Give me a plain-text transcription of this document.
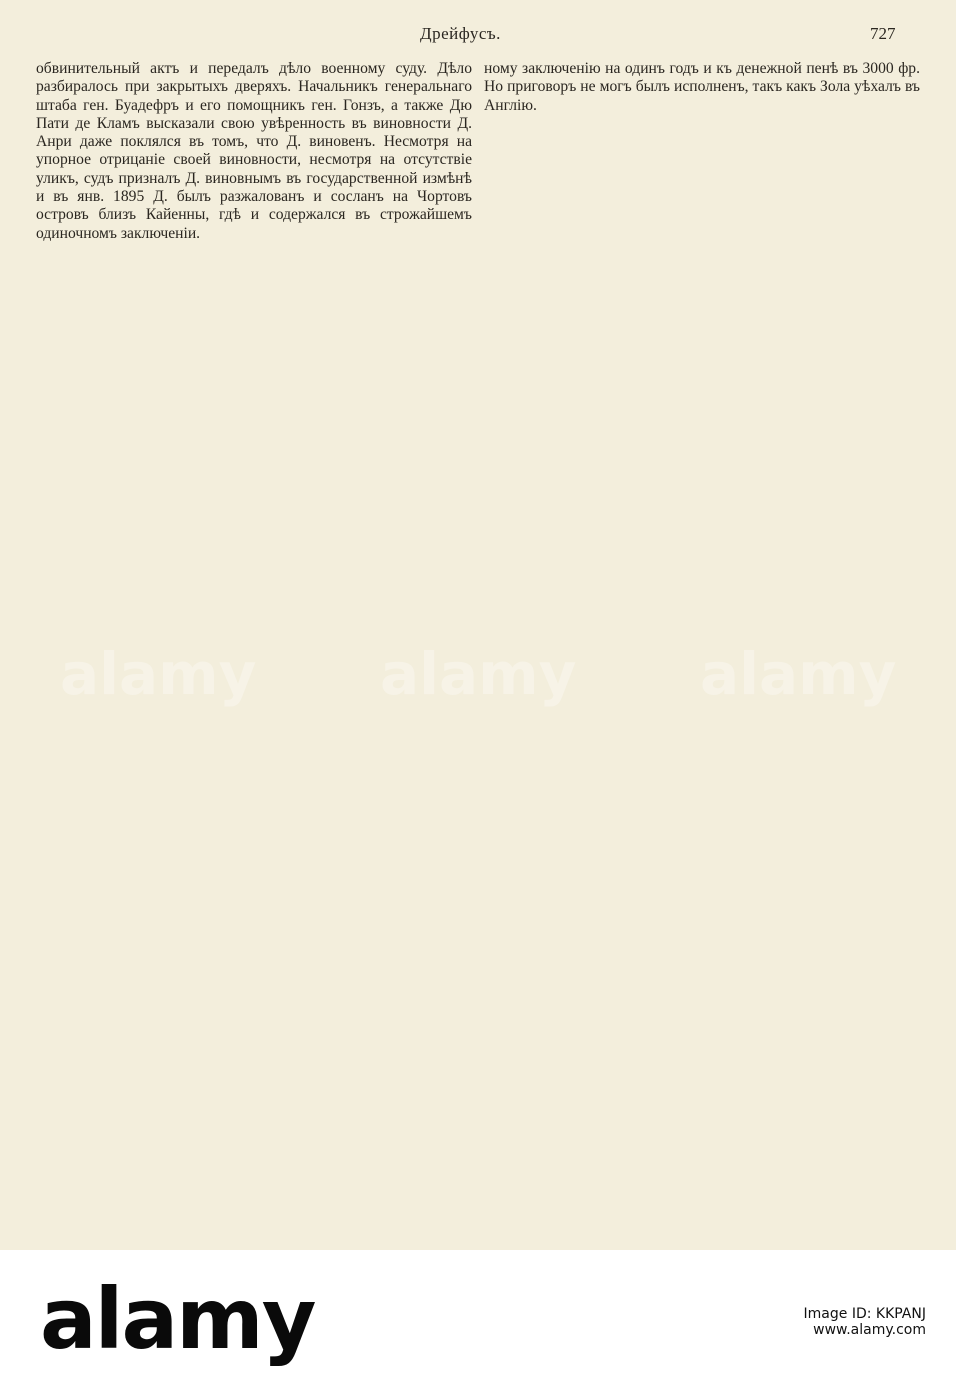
Дрейфусъ.	727

обвинительный актъ и передалъ дѣло военному суду. Дѣло разбиралось при закрытыхъ дверяхъ. Начальникъ генеральнаго штаба ген. Буадефръ и его помощникъ ген. Гонзъ, а также Дю Пати де Кламъ высказали свою увѣренность въ виновности Д. Анри даже поклялся въ томъ, что Д. виновенъ. Несмотря на упорное отрицаніе своей виновности, несмотря на отсутствіе уликъ, судъ призналъ Д. виновнымъ въ государственной измѣнѣ и въ янв. 1895 Д. былъ разжалованъ и сосланъ на Чортовъ островъ близъ Кайенны, гдѣ и содержался въ строжайшемъ одиночномъ заключеніи.

ному заключенію на одинъ годъ и къ денежной пенѣ въ 3000 фр. Но приговоръ не могъ былъ исполненъ, такъ какъ Зола уѣхалъ въ Англію.

alamy alamy alamy
alamy	Image ID: KKPANJ
www.alamy.com
